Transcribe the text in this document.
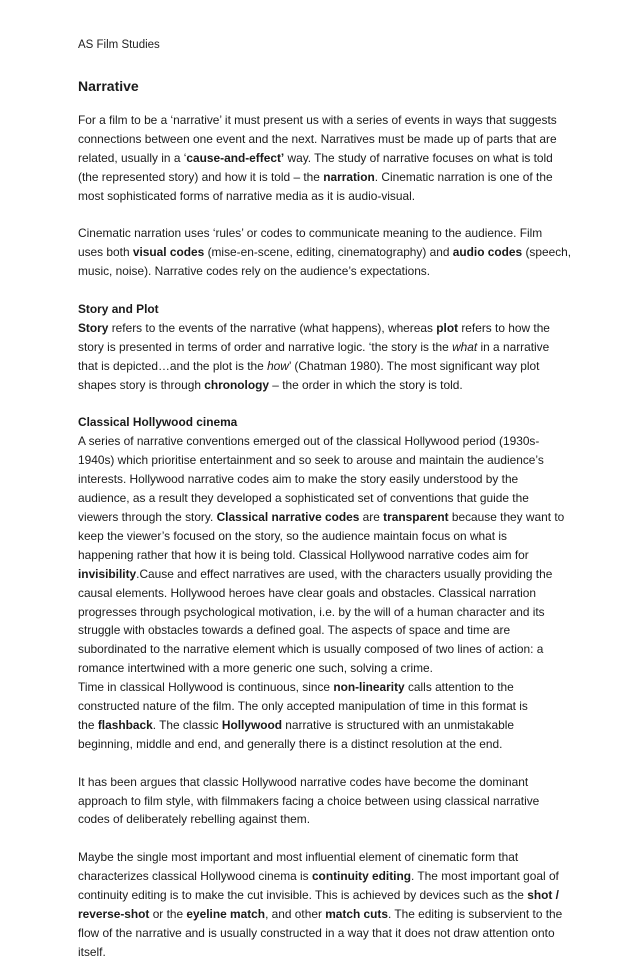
AS Film Studies
Narrative

For a film to be a ‘narrative’ it must present us with a series of events in ways that suggests
connections between one event and the next. Narratives must be made up of parts that are
related, usually in a ‘cause-and-effect’ way. The study of narrative focuses on what is told
(the represented story) and how it is told – the narration. Cinematic narration is one of the
most sophisticated forms of narrative media as it is audio-visual.

Cinematic narration uses ‘rules’ or codes to communicate meaning to the audience. Film
uses both visual codes (mise-en-scene, editing, cinematography) and audio codes (speech,
music, noise). Narrative codes rely on the audience’s expectations.

Story and Plot

Story refers to the events of the narrative (what happens), whereas plot refers to how the
story is presented in terms of order and narrative logic. ‘the story is the what in a narrative
that is depicted…and the plot is the how’ (Chatman 1980). The most significant way plot
shapes story is through chronology – the order in which the story is told.

Classical Hollywood cinema

A series of narrative conventions emerged out of the classical Hollywood period (1930s-
1940s) which prioritise entertainment and so seek to arouse and maintain the audience’s
interests. Hollywood narrative codes aim to make the story easily understood by the
audience, as a result they developed a sophisticated set of conventions that guide the
viewers through the story. Classical narrative codes are transparent because they want to
keep the viewer’s focused on the story, so the audience maintain focus on what is
happening rather that how it is being told. Classical Hollywood narrative codes aim for
invisibility.Cause and effect narratives are used, with the characters usually providing the
causal elements. Hollywood heroes have clear goals and obstacles. Classical narration
progresses through psychological motivation, i.e. by the will of a human character and its
struggle with obstacles towards a defined goal. The aspects of space and time are
subordinated to the narrative element which is usually composed of two lines of action: a
romance intertwined with a more generic one such, solving a crime.
Time in classical Hollywood is continuous, since non-linearity calls attention to the
constructed nature of the film. The only accepted manipulation of time in this format is
the flashback. The classic Hollywood narrative is structured with an unmistakable
beginning, middle and end, and generally there is a distinct resolution at the end.

It has been argues that classic Hollywood narrative codes have become the dominant
approach to film style, with filmmakers facing a choice between using classical narrative
codes of deliberately rebelling against them.

Maybe the single most important and most influential element of cinematic form that
characterizes classical Hollywood cinema is continuity editing. The most important goal of
continuity editing is to make the cut invisible. This is achieved by devices such as the shot /
reverse-shot or the eyeline match, and other match cuts. The editing is subservient to the
flow of the narrative and is usually constructed in a way that it does not draw attention onto
itself.
